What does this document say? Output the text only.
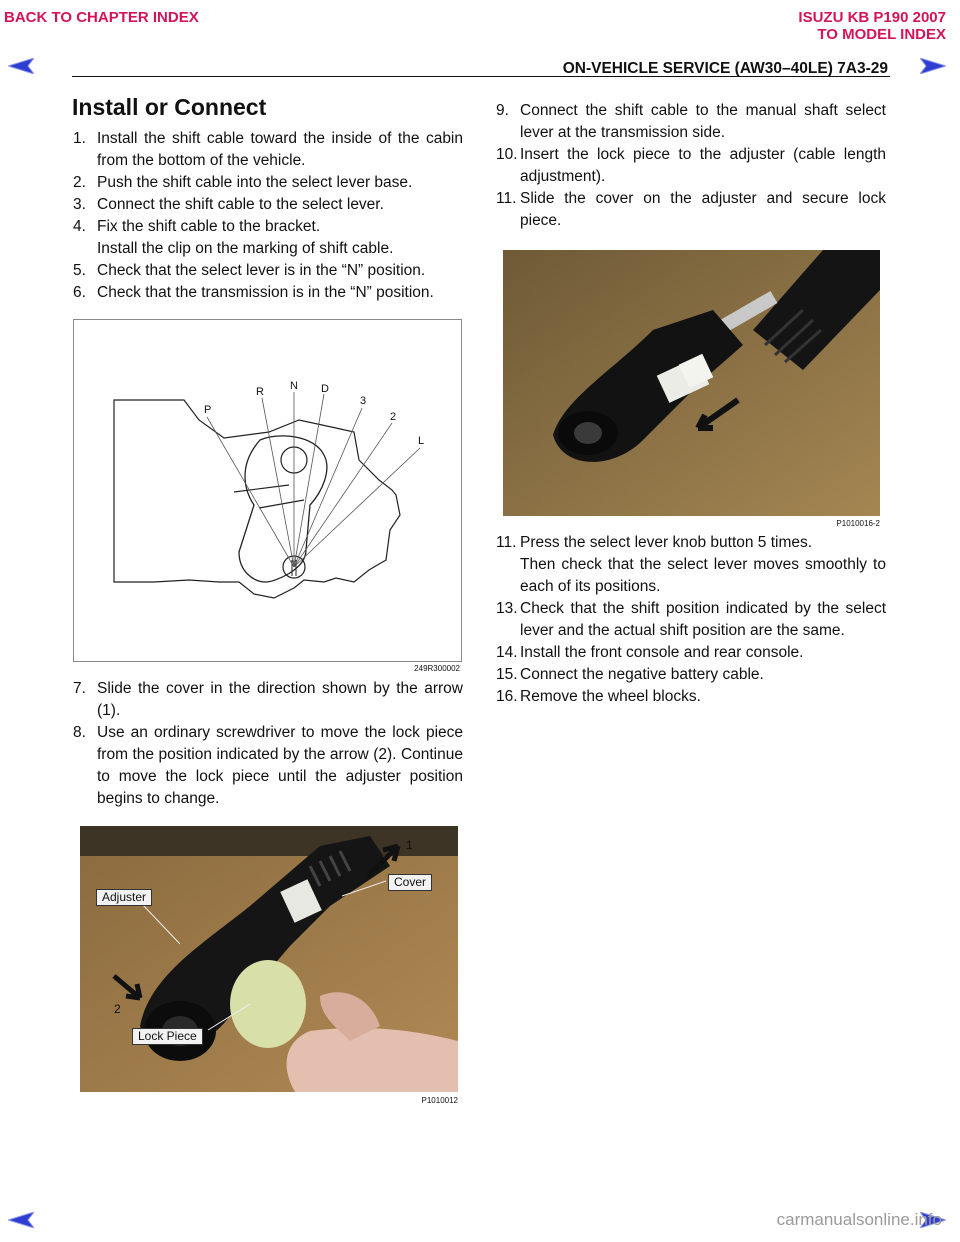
BACK TO CHAPTER INDEX	ISUZU KB P190 2007
TO MODEL INDEX
ON-VEHICLE SERVICE (AW30–40LE) 7A3-29
Install or Connect

1. Install the shift cable toward the inside of the cabin from the bottom of the vehicle.

2. Push the shift cable into the select lever base.

3. Connect the shift cable to the select lever.

4. Fix the shift cable to the bracket.

Install the clip on the marking of shift cable.

5. Check that the select lever is in the “N” position.

6. Check that the transmission is in the “N” position.

P
R N D
3
2
L
249R300002

7. Slide the cover in the direction shown by the arrow (1).

8. Use an ordinary screwdriver to move the lock piece from the position indicated by the arrow (2). Continue to move the lock piece until the adjuster position begins to change.

Adjuster
Cover
Lock Piece
1
2
P1010012

9. Connect the shift cable to the manual shaft select lever at the transmission side.

10. Insert the lock piece to the adjuster (cable length adjustment).

11. Slide the cover on the adjuster and secure lock piece.

P1010016-2

11. Press the select lever knob button 5 times.

Then check that the select lever moves smoothly to each of its positions.

13. Check that the shift position indicated by the select lever and the actual shift position are the same.

14. Install the front console and rear console.

15. Connect the negative battery cable.

16. Remove the wheel blocks.

carmanualsonline.info
